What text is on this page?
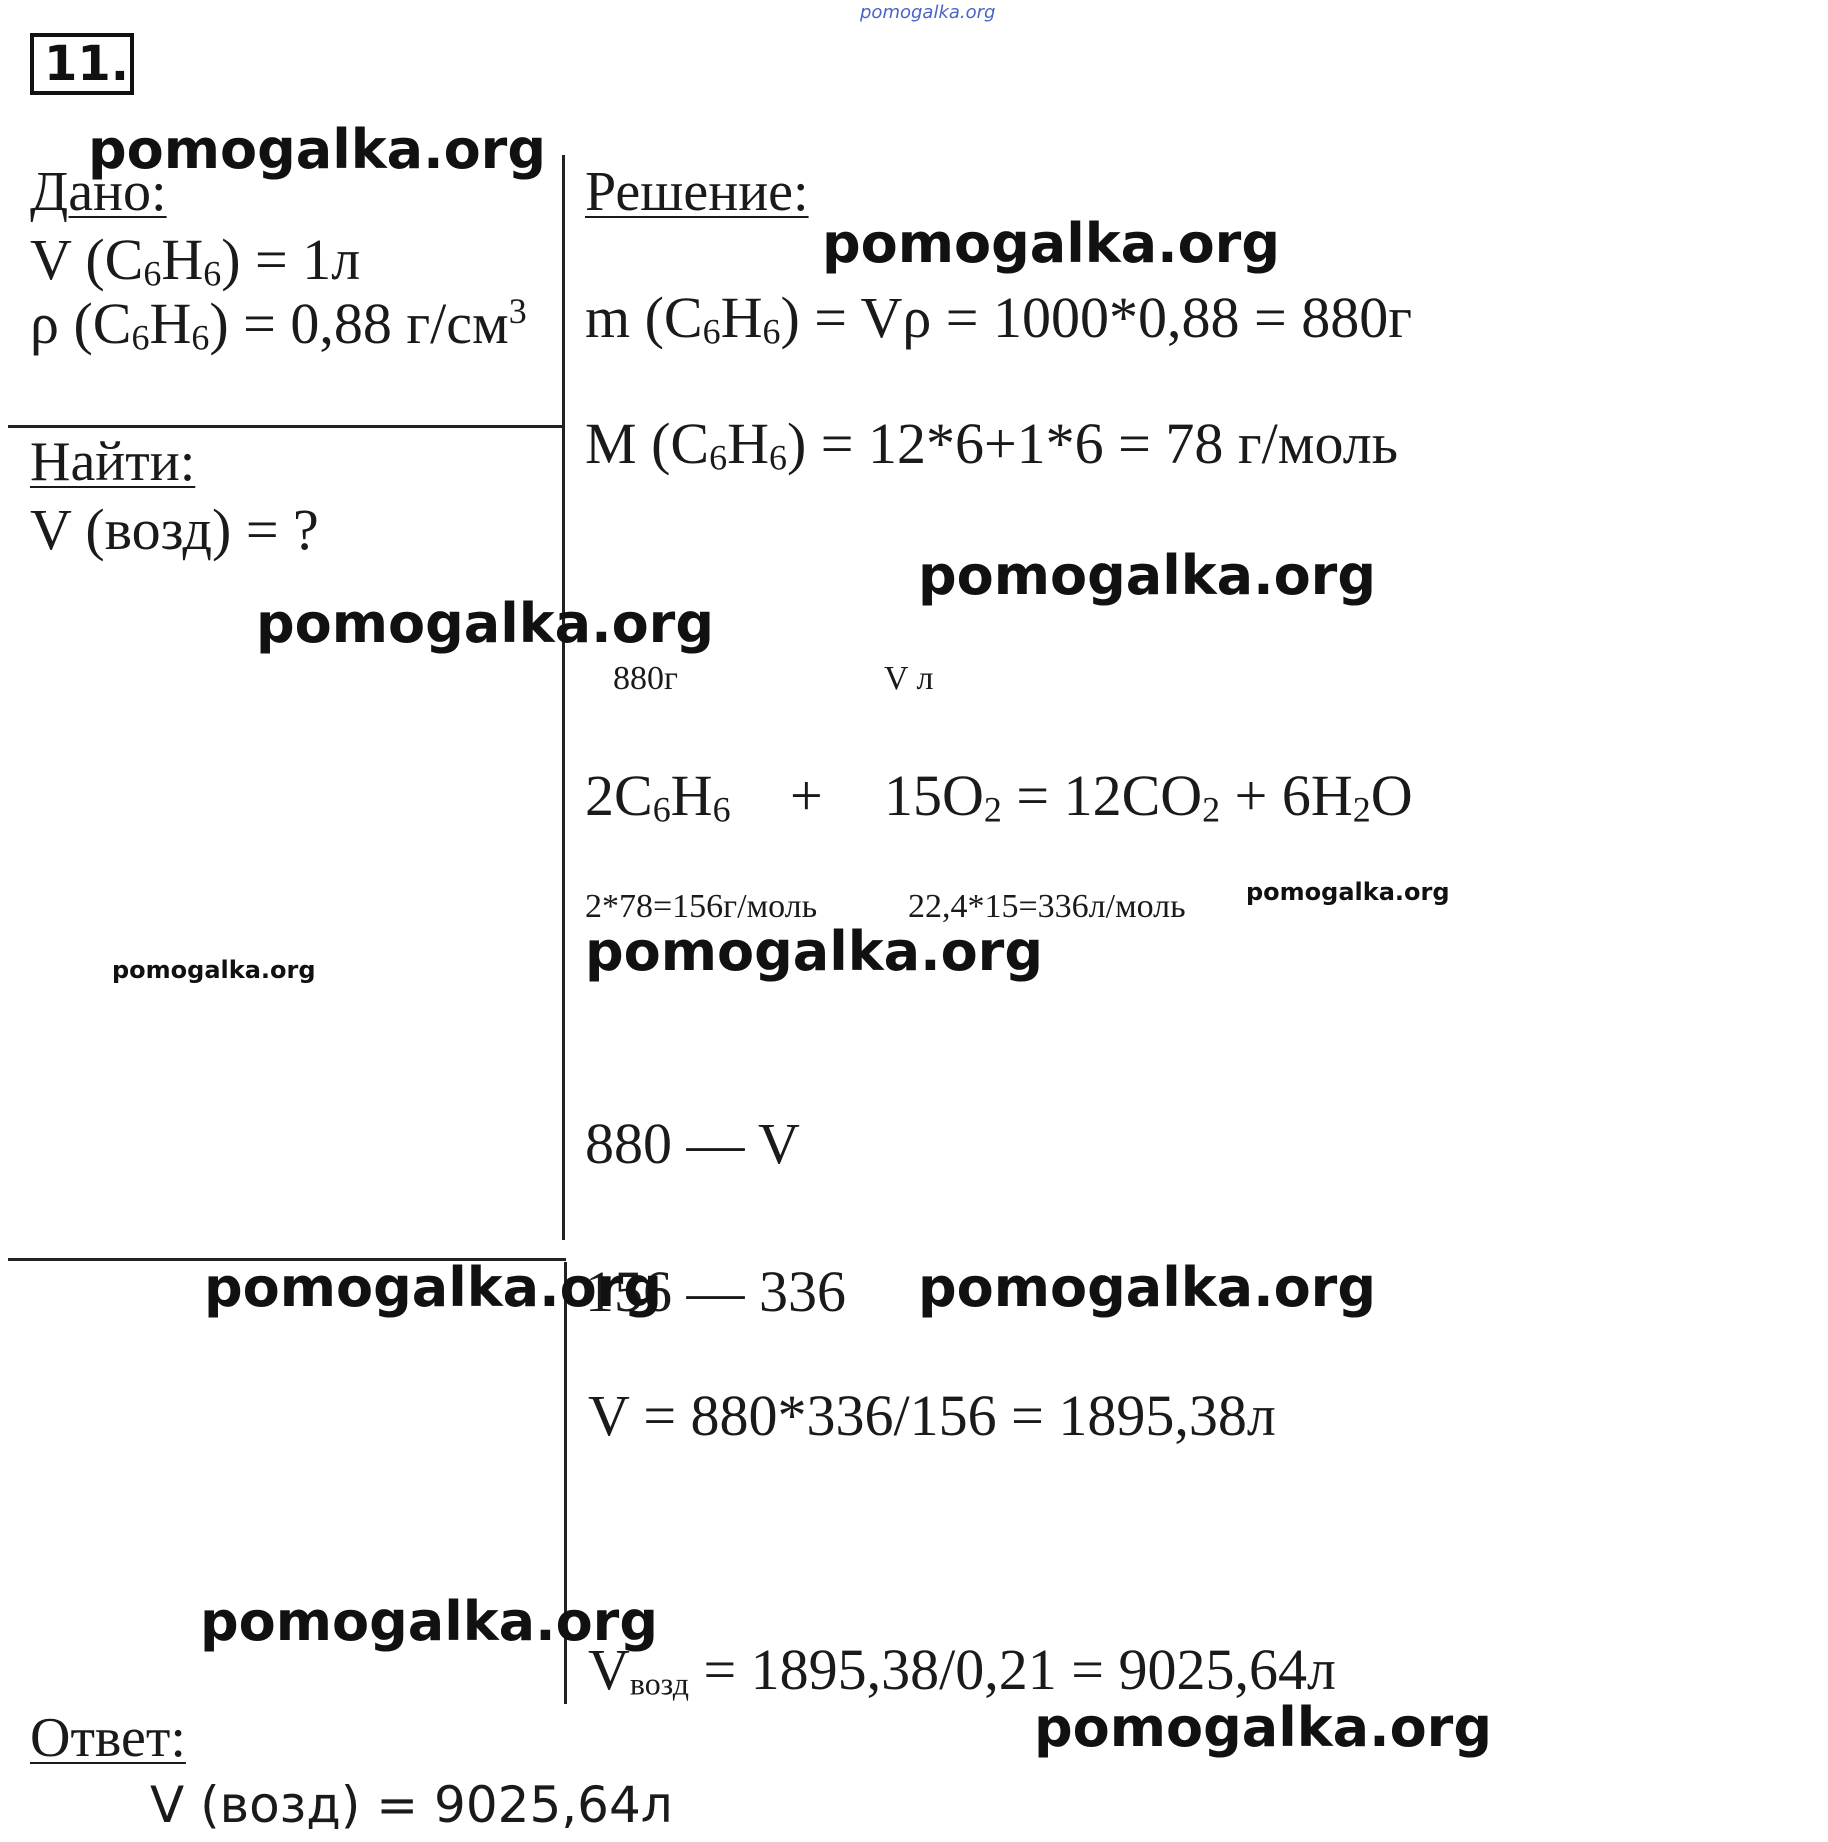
pomogalka.org
11.
Дано:
V $(C_6H_6) = 1л$
ρ $(C_6H_6) = 0,88$ $г/см^3$
Найти:
V (возд) = ?
Решение:
m $(C_6H_6) = V\rho = 1000*0,88 = 880г$
M $(C_6H_6) = 12*6+1*6 = 78$ г/моль
880г	V л
$2C_6H_6 + 15O_2 = 12CO_2 + 6H_2O$
2*78=156г/моль	22,4*15=336л/моль
880 — V
156 — 336
V = 880*336/156 = 1895,38л
$V_{возд} = 1895,38/0,21 = 9025,64л$
Ответ:
V (возд) = 9025,64л
pomogalka.org
pomogalka.org
pomogalka.org
pomogalka.org
pomogalka.org
pomogalka.org	pomogalka.org
pomogalka.org	pomogalka.org
pomogalka.org
pomogalka.org
